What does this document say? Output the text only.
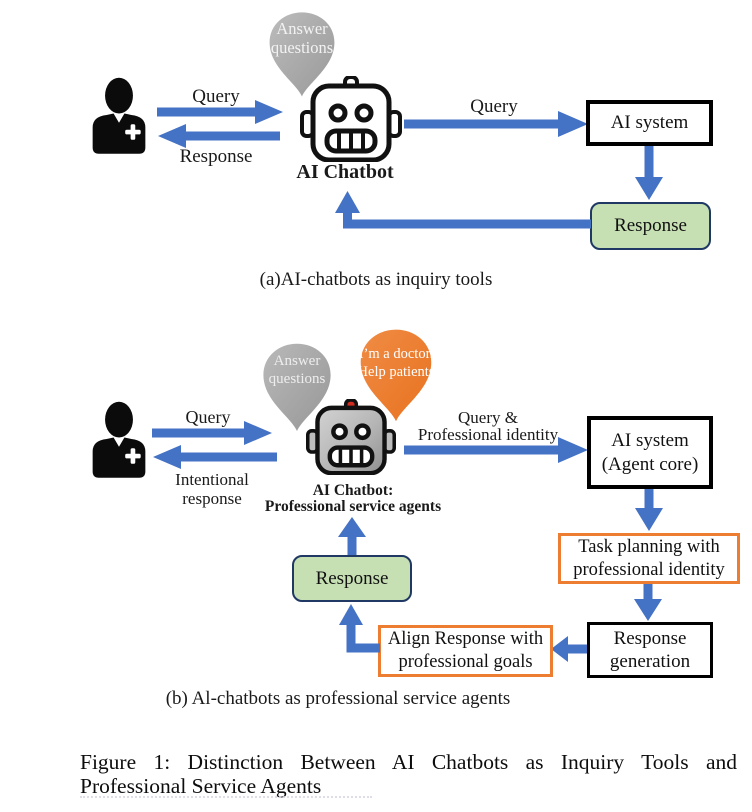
Answer questions
AI Chatbot
Query
Response
Query
AI system
Response
(a)AI-chatbots as inquiry tools
Answer questions
I’m a doctor. Help patients
AI Chatbot:
Professional service agents
Query
Intentional
response
Query &
Professional identity	AI system (Agent core)
Task planning with professional identity
Response generation
Align Response with professional goals
Response
(b) Al-chatbots as professional service agents
Figure 1: Distinction Between AI Chatbots as Inquiry Tools and
Professional Service Agents
